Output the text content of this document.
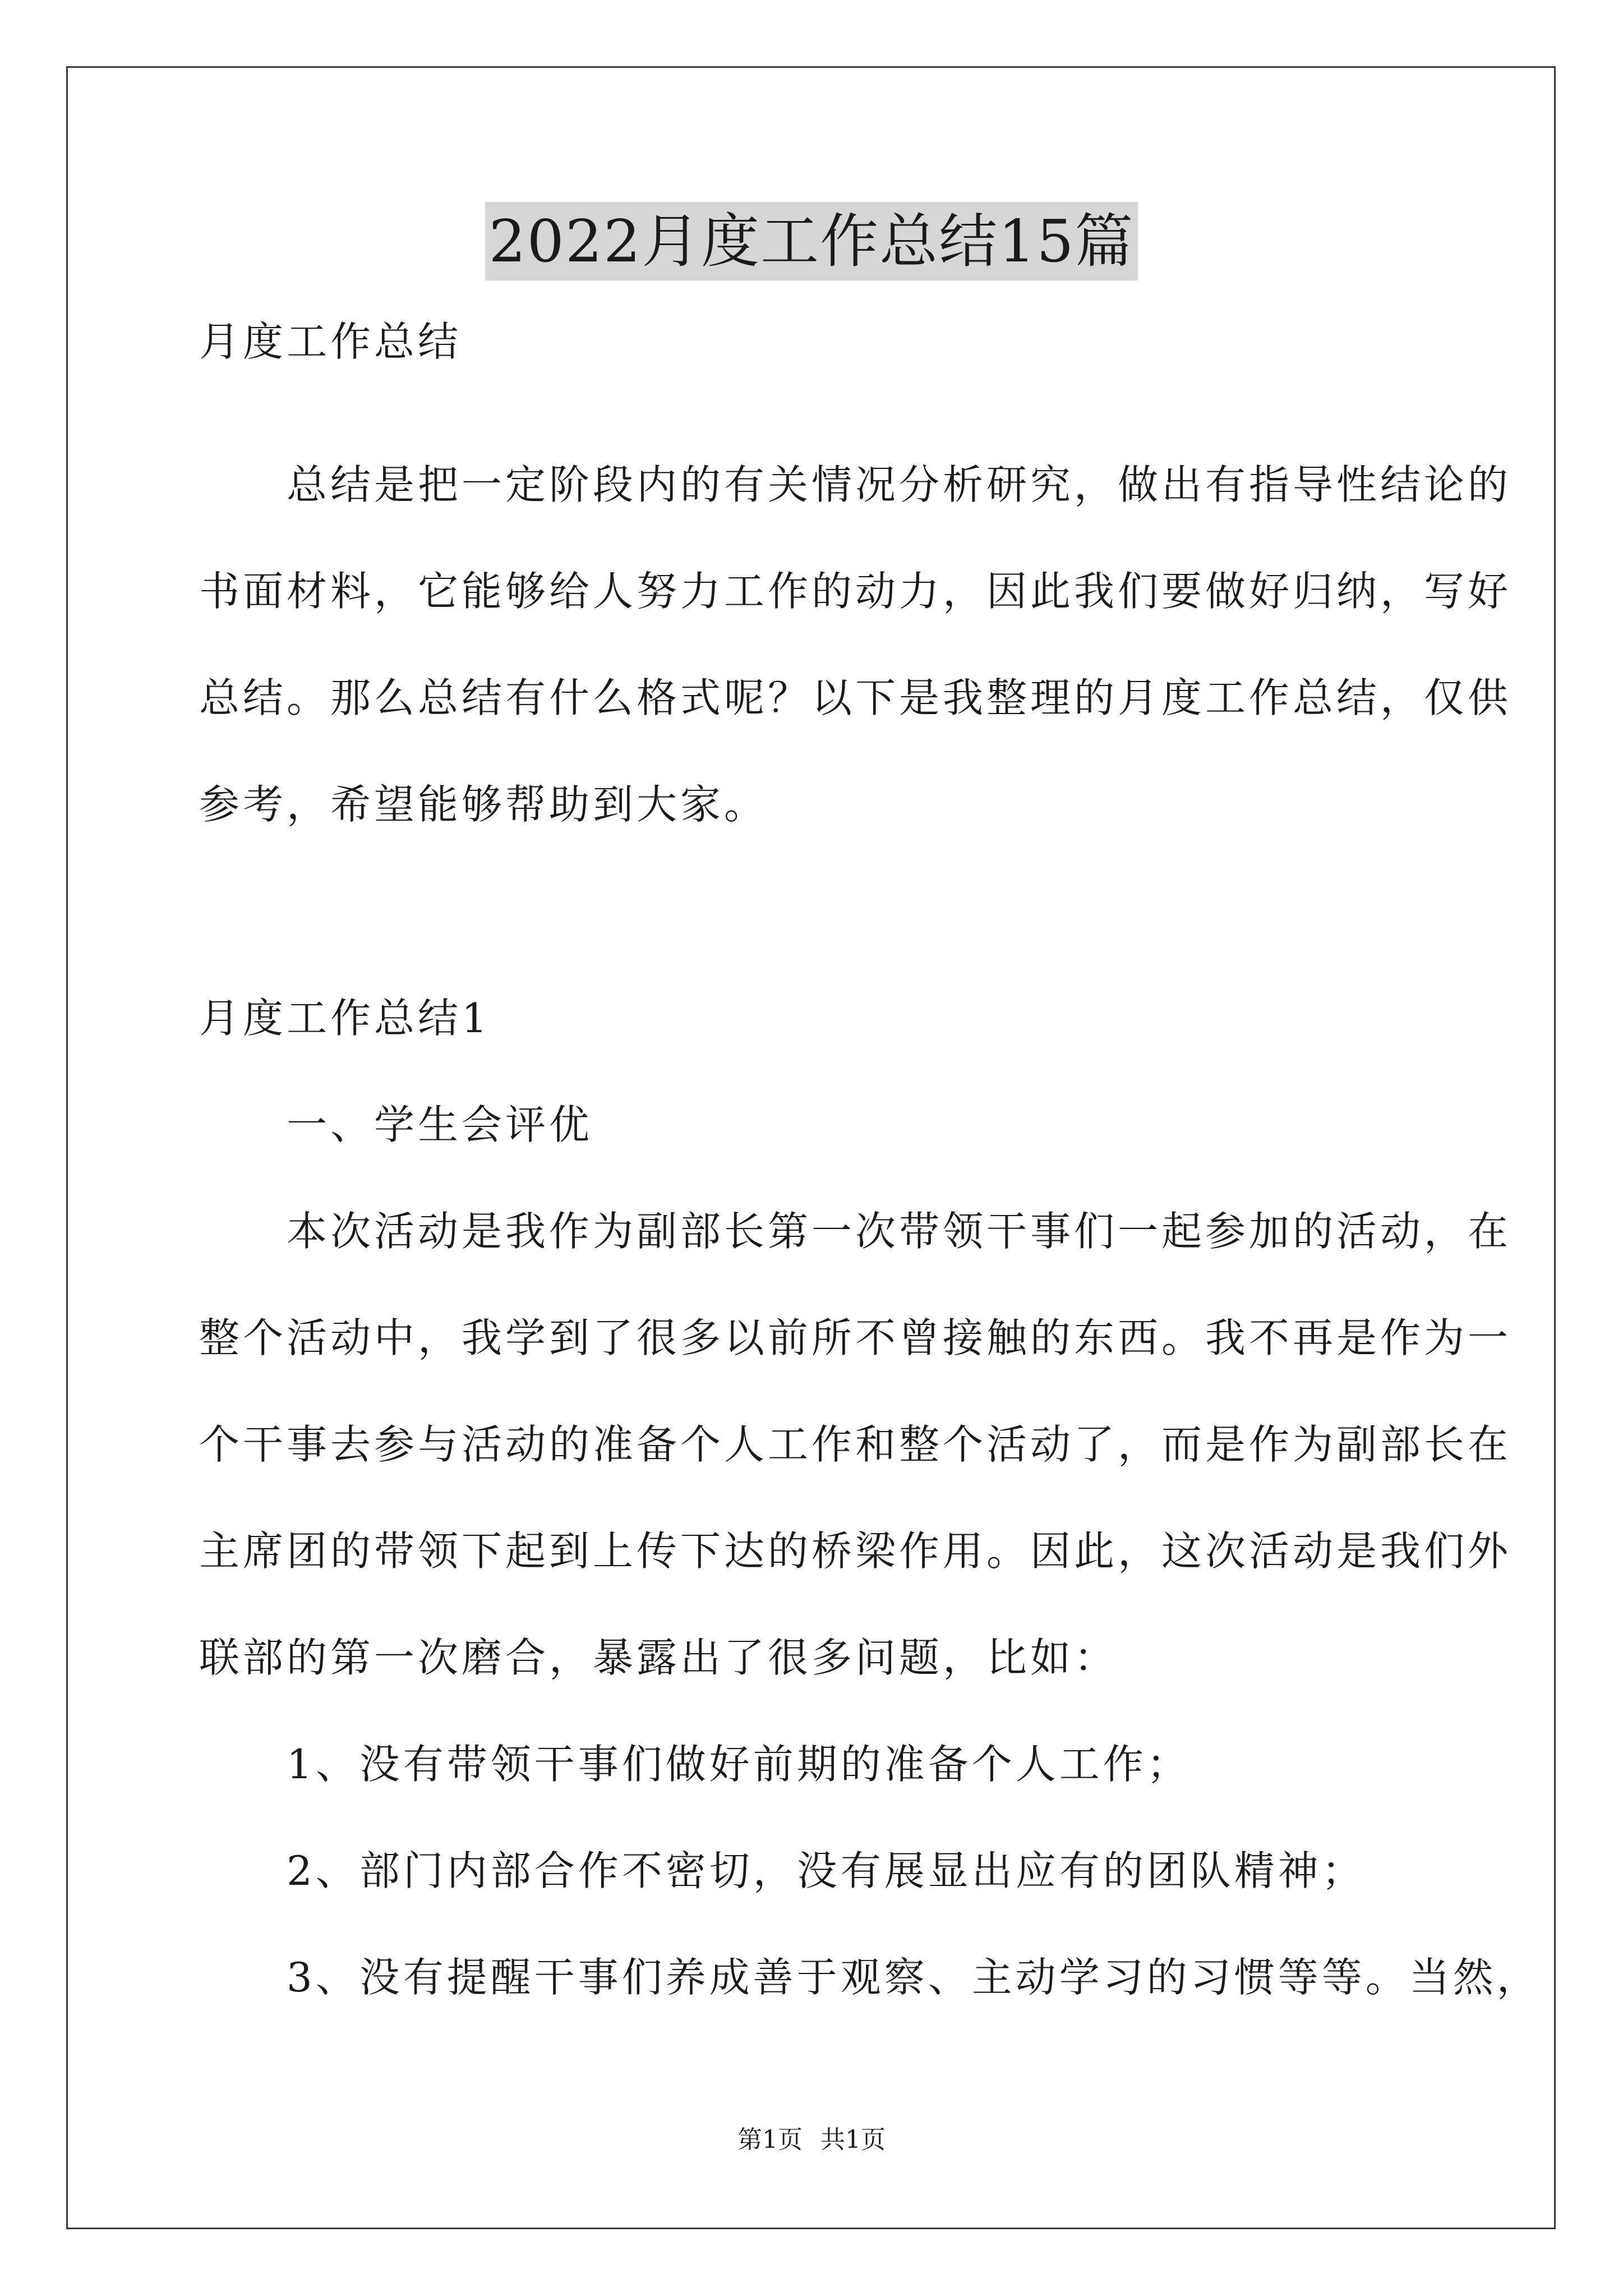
2022月度工作总结15篇
月度工作总结
　　总结是把一定阶段内的有关情况分析研究，做出有指导性结论的
书面材料，它能够给人努力工作的动力，因此我们要做好归纳，写好
总结。那么总结有什么格式呢？以下是我整理的月度工作总结，仅供
参考，希望能够帮助到大家。
月度工作总结1
　　一、学生会评优
　　本次活动是我作为副部长第一次带领干事们一起参加的活动，在
整个活动中，我学到了很多以前所不曾接触的东西。我不再是作为一
个干事去参与活动的准备个人工作和整个活动了，而是作为副部长在
主席团的带领下起到上传下达的桥梁作用。因此，这次活动是我们外
联部的第一次磨合，暴露出了很多问题，比如：
　　1、没有带领干事们做好前期的准备个人工作；
　　2、部门内部合作不密切，没有展显出应有的团队精神；
　　3、没有提醒干事们养成善于观察、主动学习的习惯等等。当然，
第1页 共1页
